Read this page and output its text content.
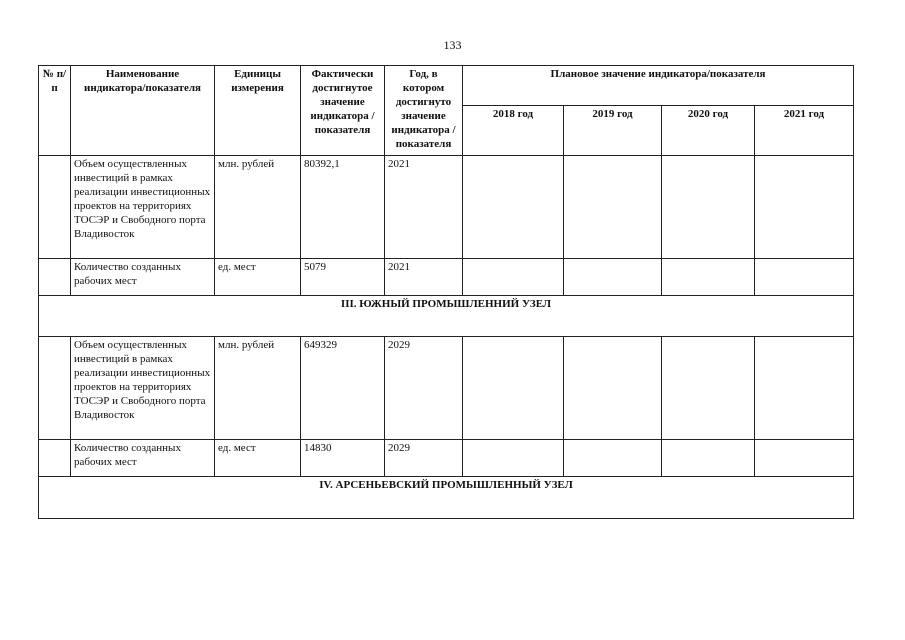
133
№ п/п	Наименование индикатора/показателя	Единицы измерения	Фактически достигнутое значение индикатора /показателя	Год, в котором достигнуто значение индикатора /показателя	Плановое значение индикатора/показателя			
					2018 год	2019 год	2020 год	2021 год
	Объем осуществленных инвестиций в рамках реализации инвестиционных проектов на территориях ТОСЭР и Свободного порта Владивосток	млн. рублей	80392,1	2021				
	Количество созданных рабочих мест	ед. мест	5079	2021				
III. ЮЖНЫЙ ПРОМЫШЛЕННИЙ УЗЕЛ								
	Объем осуществленных инвестиций в рамках реализации инвестиционных проектов на территориях ТОСЭР и Свободного порта Владивосток	млн. рублей	649329	2029				
	Количество созданных рабочих мест	ед. мест	14830	2029				
IV. АРСЕНЬЕВСКИЙ ПРОМЫШЛЕННЫЙ УЗЕЛ								
